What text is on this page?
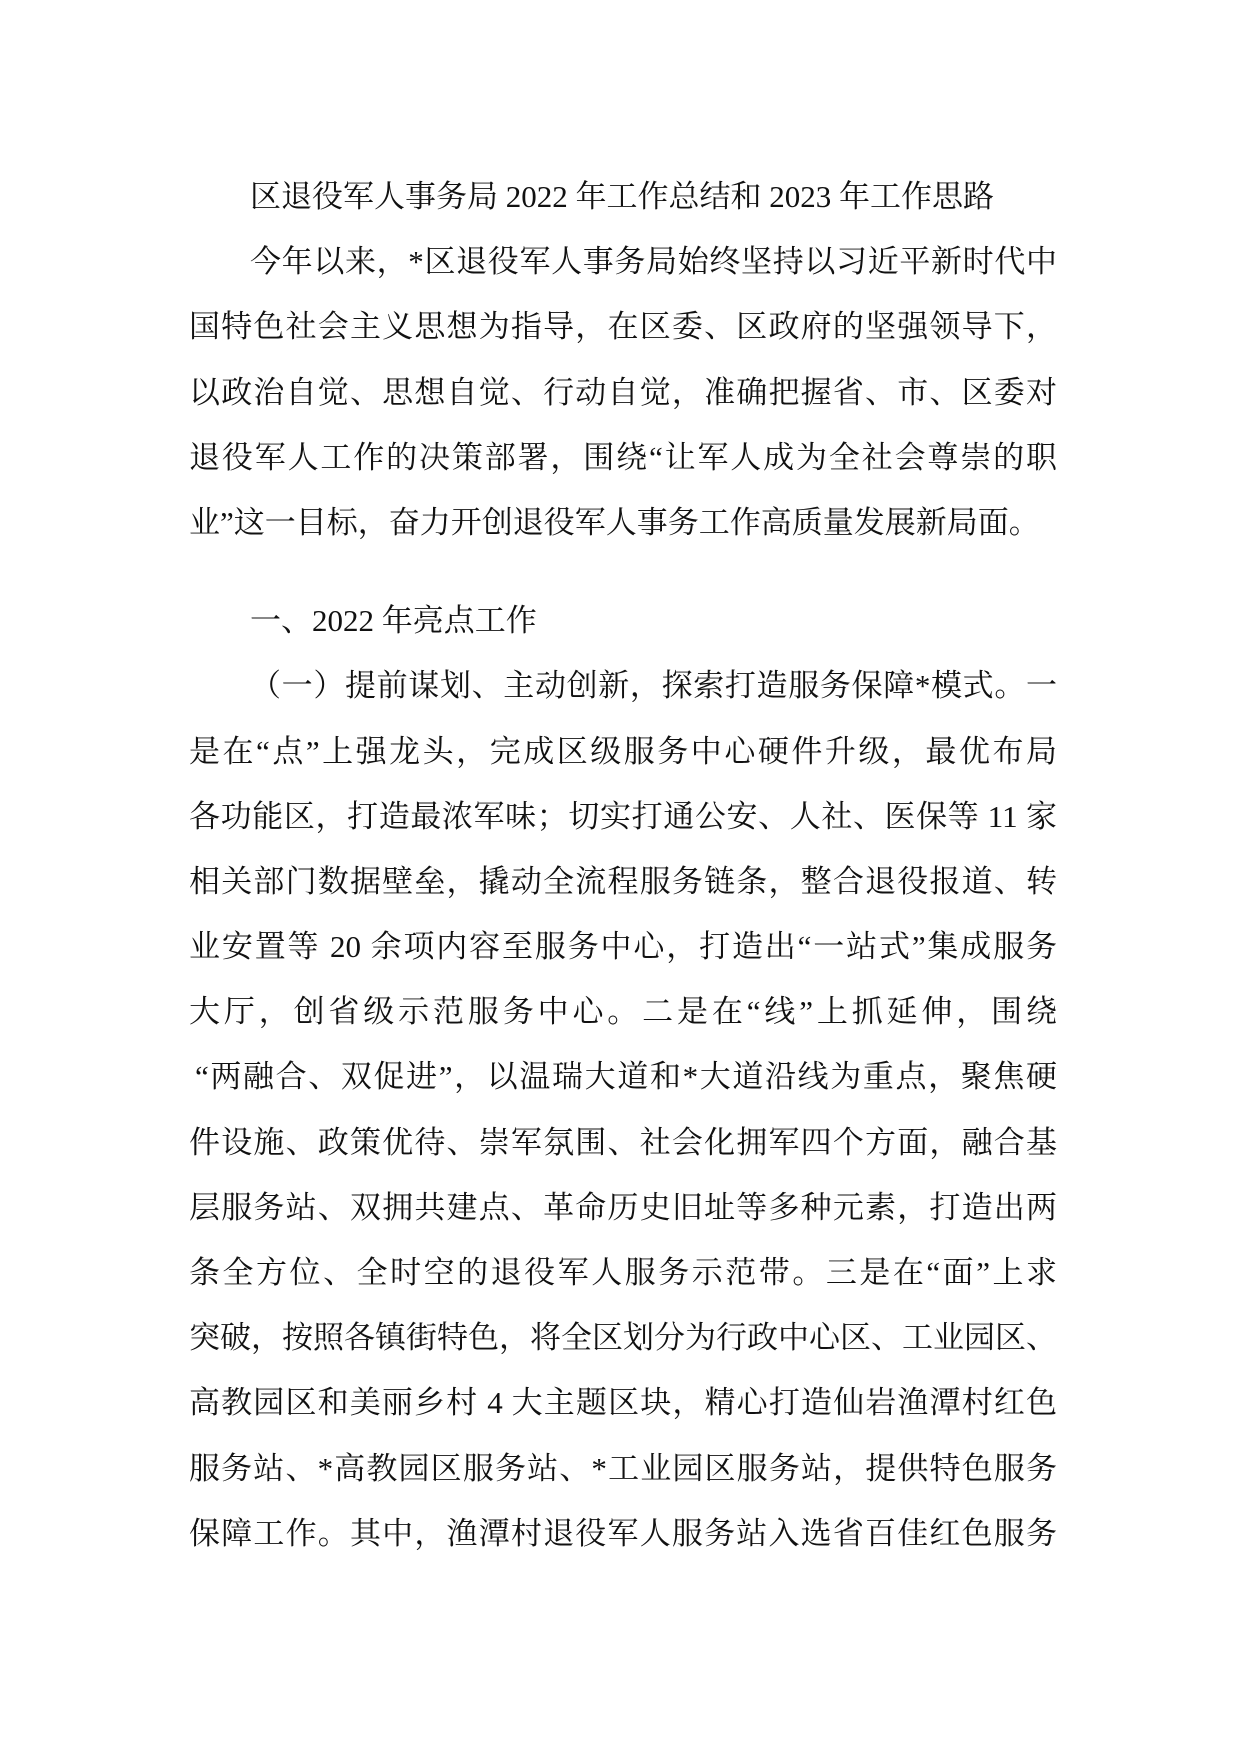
区退役军人事务局 2022 年工作总结和 2023 年工作思路
今年以来，*区退役军人事务局始终坚持以习近平新时代中
国特色社会主义思想为指导，在区委、区政府的坚强领导下，
以政治自觉、思想自觉、行动自觉，准确把握省、市、区委对
退役军人工作的决策部署，围绕“让军人成为全社会尊崇的职
业”这一目标，奋力开创退役军人事务工作高质量发展新局面。
一、2022 年亮点工作
（一）提前谋划、主动创新，探索打造服务保障*模式。一
是在“点”上强龙头，完成区级服务中心硬件升级，最优布局
各功能区，打造最浓军味；切实打通公安、人社、医保等 11 家
相关部门数据壁垒，撬动全流程服务链条，整合退役报道、转
业安置等 20 余项内容至服务中心，打造出“一站式”集成服务
大厅，创省级示范服务中心。二是在“线”上抓延伸，围绕
“两融合、双促进”，以温瑞大道和*大道沿线为重点，聚焦硬
件设施、政策优待、崇军氛围、社会化拥军四个方面，融合基
层服务站、双拥共建点、革命历史旧址等多种元素，打造出两
条全方位、全时空的退役军人服务示范带。三是在“面”上求
突破，按照各镇街特色，将全区划分为行政中心区、工业园区、
高教园区和美丽乡村 4 大主题区块，精心打造仙岩渔潭村红色
服务站、*高教园区服务站、*工业园区服务站，提供特色服务
保障工作。其中，渔潭村退役军人服务站入选省百佳红色服务
